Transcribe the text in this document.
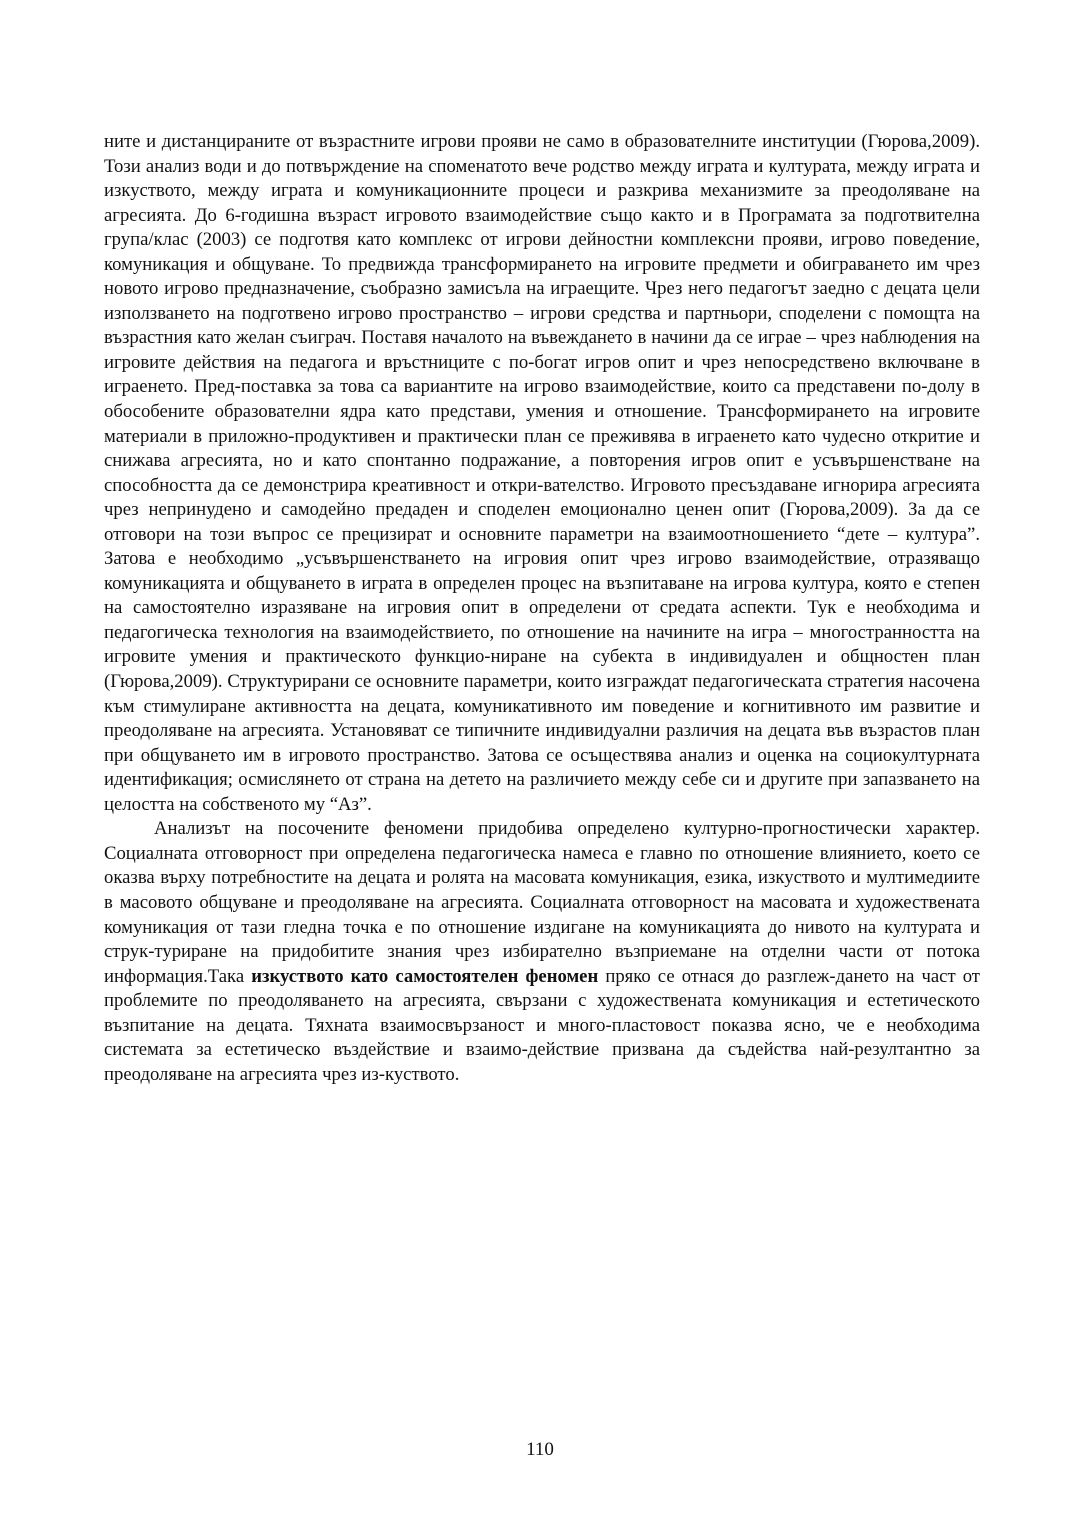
ните и дистанцираните от възрастните игрови прояви не само в образователните институции (Гюрова,2009). Този анализ води и до потвърждение на споменатото вече родство между играта и културата, между играта и изкуството, между играта и комуникационните процеси и разкрива механизмите за преодоляване на агресията. До 6-годишна възраст игровото взаимодействие също както и в Програмата за подготвителна група/клас (2003) се подготвя като комплекс от игрови дейностни комплексни прояви, игрово поведение, комуникация и общуване. То предвижда трансформирането на игровите предмети и обиграването им чрез новото игрово предназначение, съобразно замисъла на играещите. Чрез него педагогът заедно с децата цели използването на подготвено игрово пространство – игрови средства и партньори, споделени с помощта на възрастния като желан съиграч. Поставя началото на въвеждането в начини да се играе – чрез наблюдения на игровите действия на педагога и връстниците с по-богат игров опит и чрез непосредствено включване в играенето. Пред-поставка за това са вариантите на игрово взаимодействие, които са представени по-долу в обособените образователни ядра като представи, умения и отношение. Трансформирането на игровите материали в приложно-продуктивен и практически план се преживява в играенето като чудесно откритие и снижава агресията, но и като спонтанно подражание, а повторения игров опит е усъвършенстване на способността да се демонстрира креативност и откри-вателство. Игровото пресъздаване игнорира агресията чрез непринудено и самодейно предаден и споделен емоционално ценен опит (Гюрова,2009). За да се отговори на този въпрос се прецизират и основните параметри на взаимоотношението “дете – култура”. Затова е необходимо „усъвършенстването на игровия опит чрез игрово взаимодействие, отразяващо комуникацията и общуването в играта в определен процес на възпитаване на игрова култура, която е степен на самостоятелно изразяване на игровия опит в определени от средата аспекти. Тук е необходима и педагогическа технология на взаимодействието, по отношение на начините на игра – многостранността на игровите умения и практическото функцио-ниране на субекта в индивидуален и общностен план (Гюрова,2009). Структурирани се основните параметри, които изграждат педагогическата стратегия насочена към стимулиране активността на децата, комуникативното им поведение и когнитивното им развитие и преодоляване на агресията. Установяват се типичните индивидуални различия на децата във възрастов план при общуването им в игровото пространство. Затова се осъществява анализ и оценка на социокултурната идентификация; осмислянето от страна на детето на различието между себе си и другите при запазването на целостта на собственото му “Аз”.

Анализът на посочените феномени придобива определено културно-прогностически характер. Социалната отговорност при определена педагогическа намеса е главно по отношение влиянието, което се оказва върху потребностите на децата и ролята на масовата комуникация, езика, изкуството и мултимедиите в масовото общуване и преодоляване на агресията. Социалната отговорност на масовата и художествената комуникация от тази гледна точка е по отношение издигане на комуникацията до нивото на културата и струк-туриране на придобитите знания чрез избирателно възприемане на отделни части от потока информация.Така изкуството като самостоятелен феномен пряко се отнася до разглеж-дането на част от проблемите по преодоляването на агресията, свързани с художествената комуникация и естетическото възпитание на децата. Тяхната взаимосвързаност и много-пластовост показва ясно, че е необходима системата за естетическо въздействие и взаимо-действие призвана да съдейства най-резултантно за преодоляване на агресията чрез из-куството.

110
